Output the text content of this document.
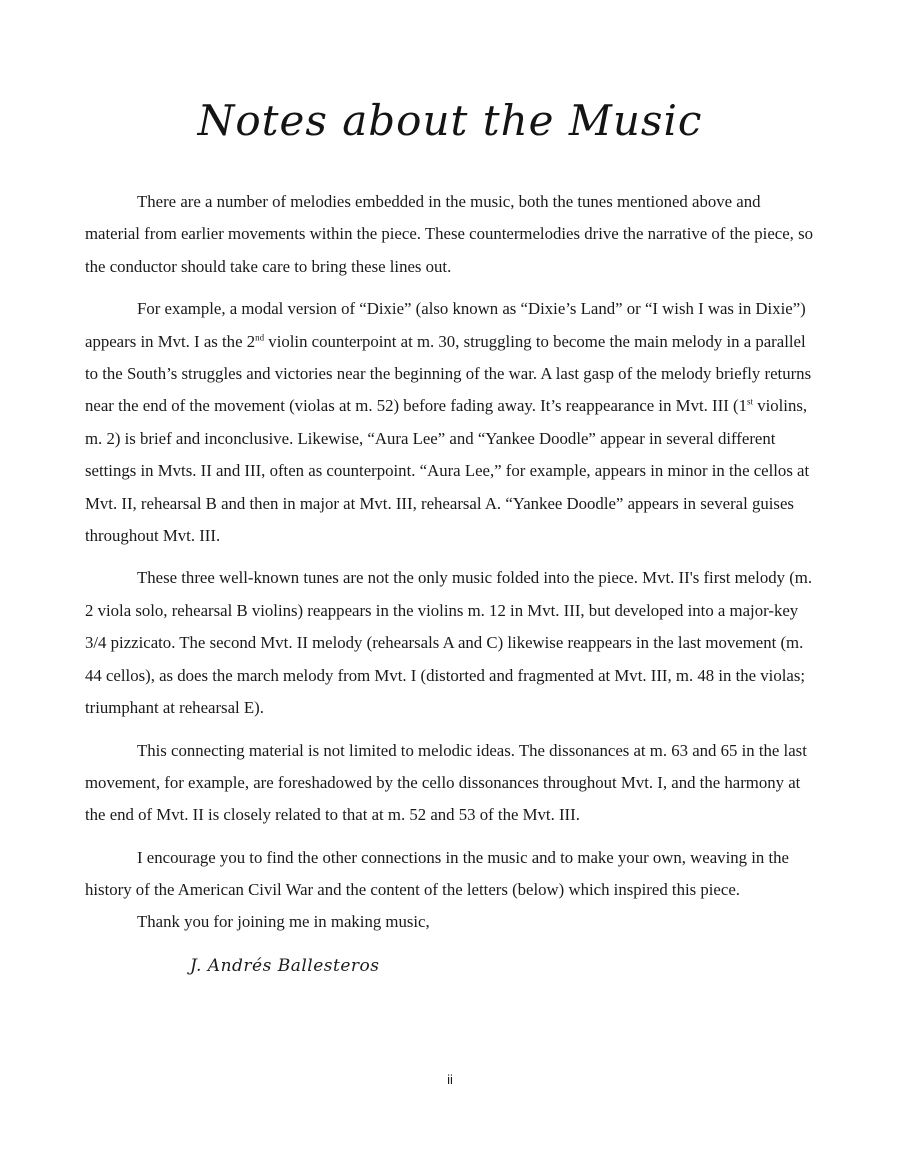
Notes about the Music

There are a number of melodies embedded in the music, both the tunes mentioned above and material from earlier movements within the piece. These countermelodies drive the narrative of the piece, so the conductor should take care to bring these lines out.

For example, a modal version of “Dixie” (also known as “Dixie’s Land” or “I wish I was in Dixie”) appears in Mvt. I as the 2nd violin counterpoint at m. 30, struggling to become the main melody in a parallel to the South’s struggles and victories near the beginning of the war. A last gasp of the melody briefly returns near the end of the movement (violas at m. 52) before fading away. It’s reappearance in Mvt. III (1st violins, m. 2) is brief and inconclusive. Likewise, “Aura Lee” and “Yankee Doodle” appear in several different settings in Mvts. II and III, often as counterpoint. “Aura Lee,” for example, appears in minor in the cellos at Mvt. II, rehearsal B and then in major at Mvt. III, rehearsal A. “Yankee Doodle” appears in several guises throughout Mvt. III.

These three well-known tunes are not the only music folded into the piece. Mvt. II's first melody (m. 2 viola solo, rehearsal B violins) reappears in the violins m. 12 in Mvt. III, but developed into a major-key 3/4 pizzicato. The second Mvt. II melody (rehearsals A and C) likewise reappears in the last movement (m. 44 cellos), as does the march melody from Mvt. I (distorted and fragmented at Mvt. III, m. 48 in the violas; triumphant at rehearsal E).

This connecting material is not limited to melodic ideas. The dissonances at m. 63 and 65 in the last movement, for example, are foreshadowed by the cello dissonances throughout Mvt. I, and the harmony at the end of Mvt. II is closely related to that at m. 52 and 53 of the Mvt. III.

I encourage you to find the other connections in the music and to make your own, weaving in the history of the American Civil War and the content of the letters (below) which inspired this piece.

Thank you for joining me in making music,

J. Andrés Ballesteros

ii
